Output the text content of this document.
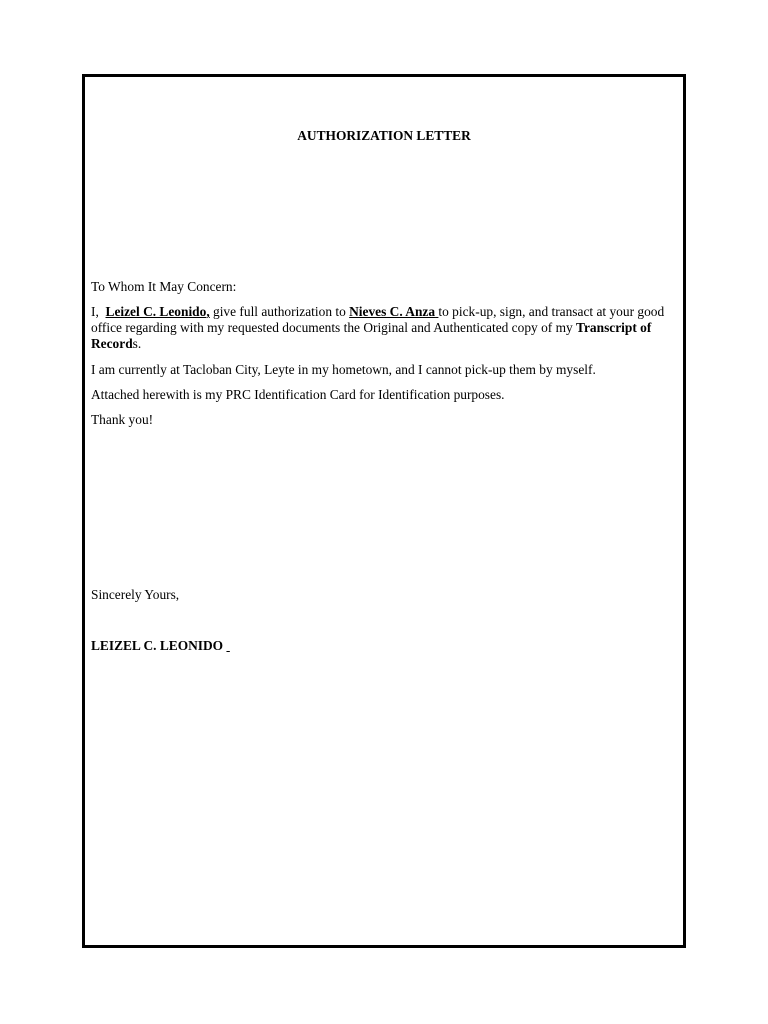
AUTHORIZATION LETTER

To Whom It May Concern:

I, Leizel C. Leonido, give full authorization to Nieves C. Anza to pick-up, sign, and transact at your good office regarding with my requested documents the Original and Authenticated copy of my Transcript of Records.

I am currently at Tacloban City, Leyte in my hometown, and I cannot pick-up them by myself.

Attached herewith is my PRC Identification Card for Identification purposes.

Thank you!

Sincerely Yours,

LEIZEL C. LEONIDO
